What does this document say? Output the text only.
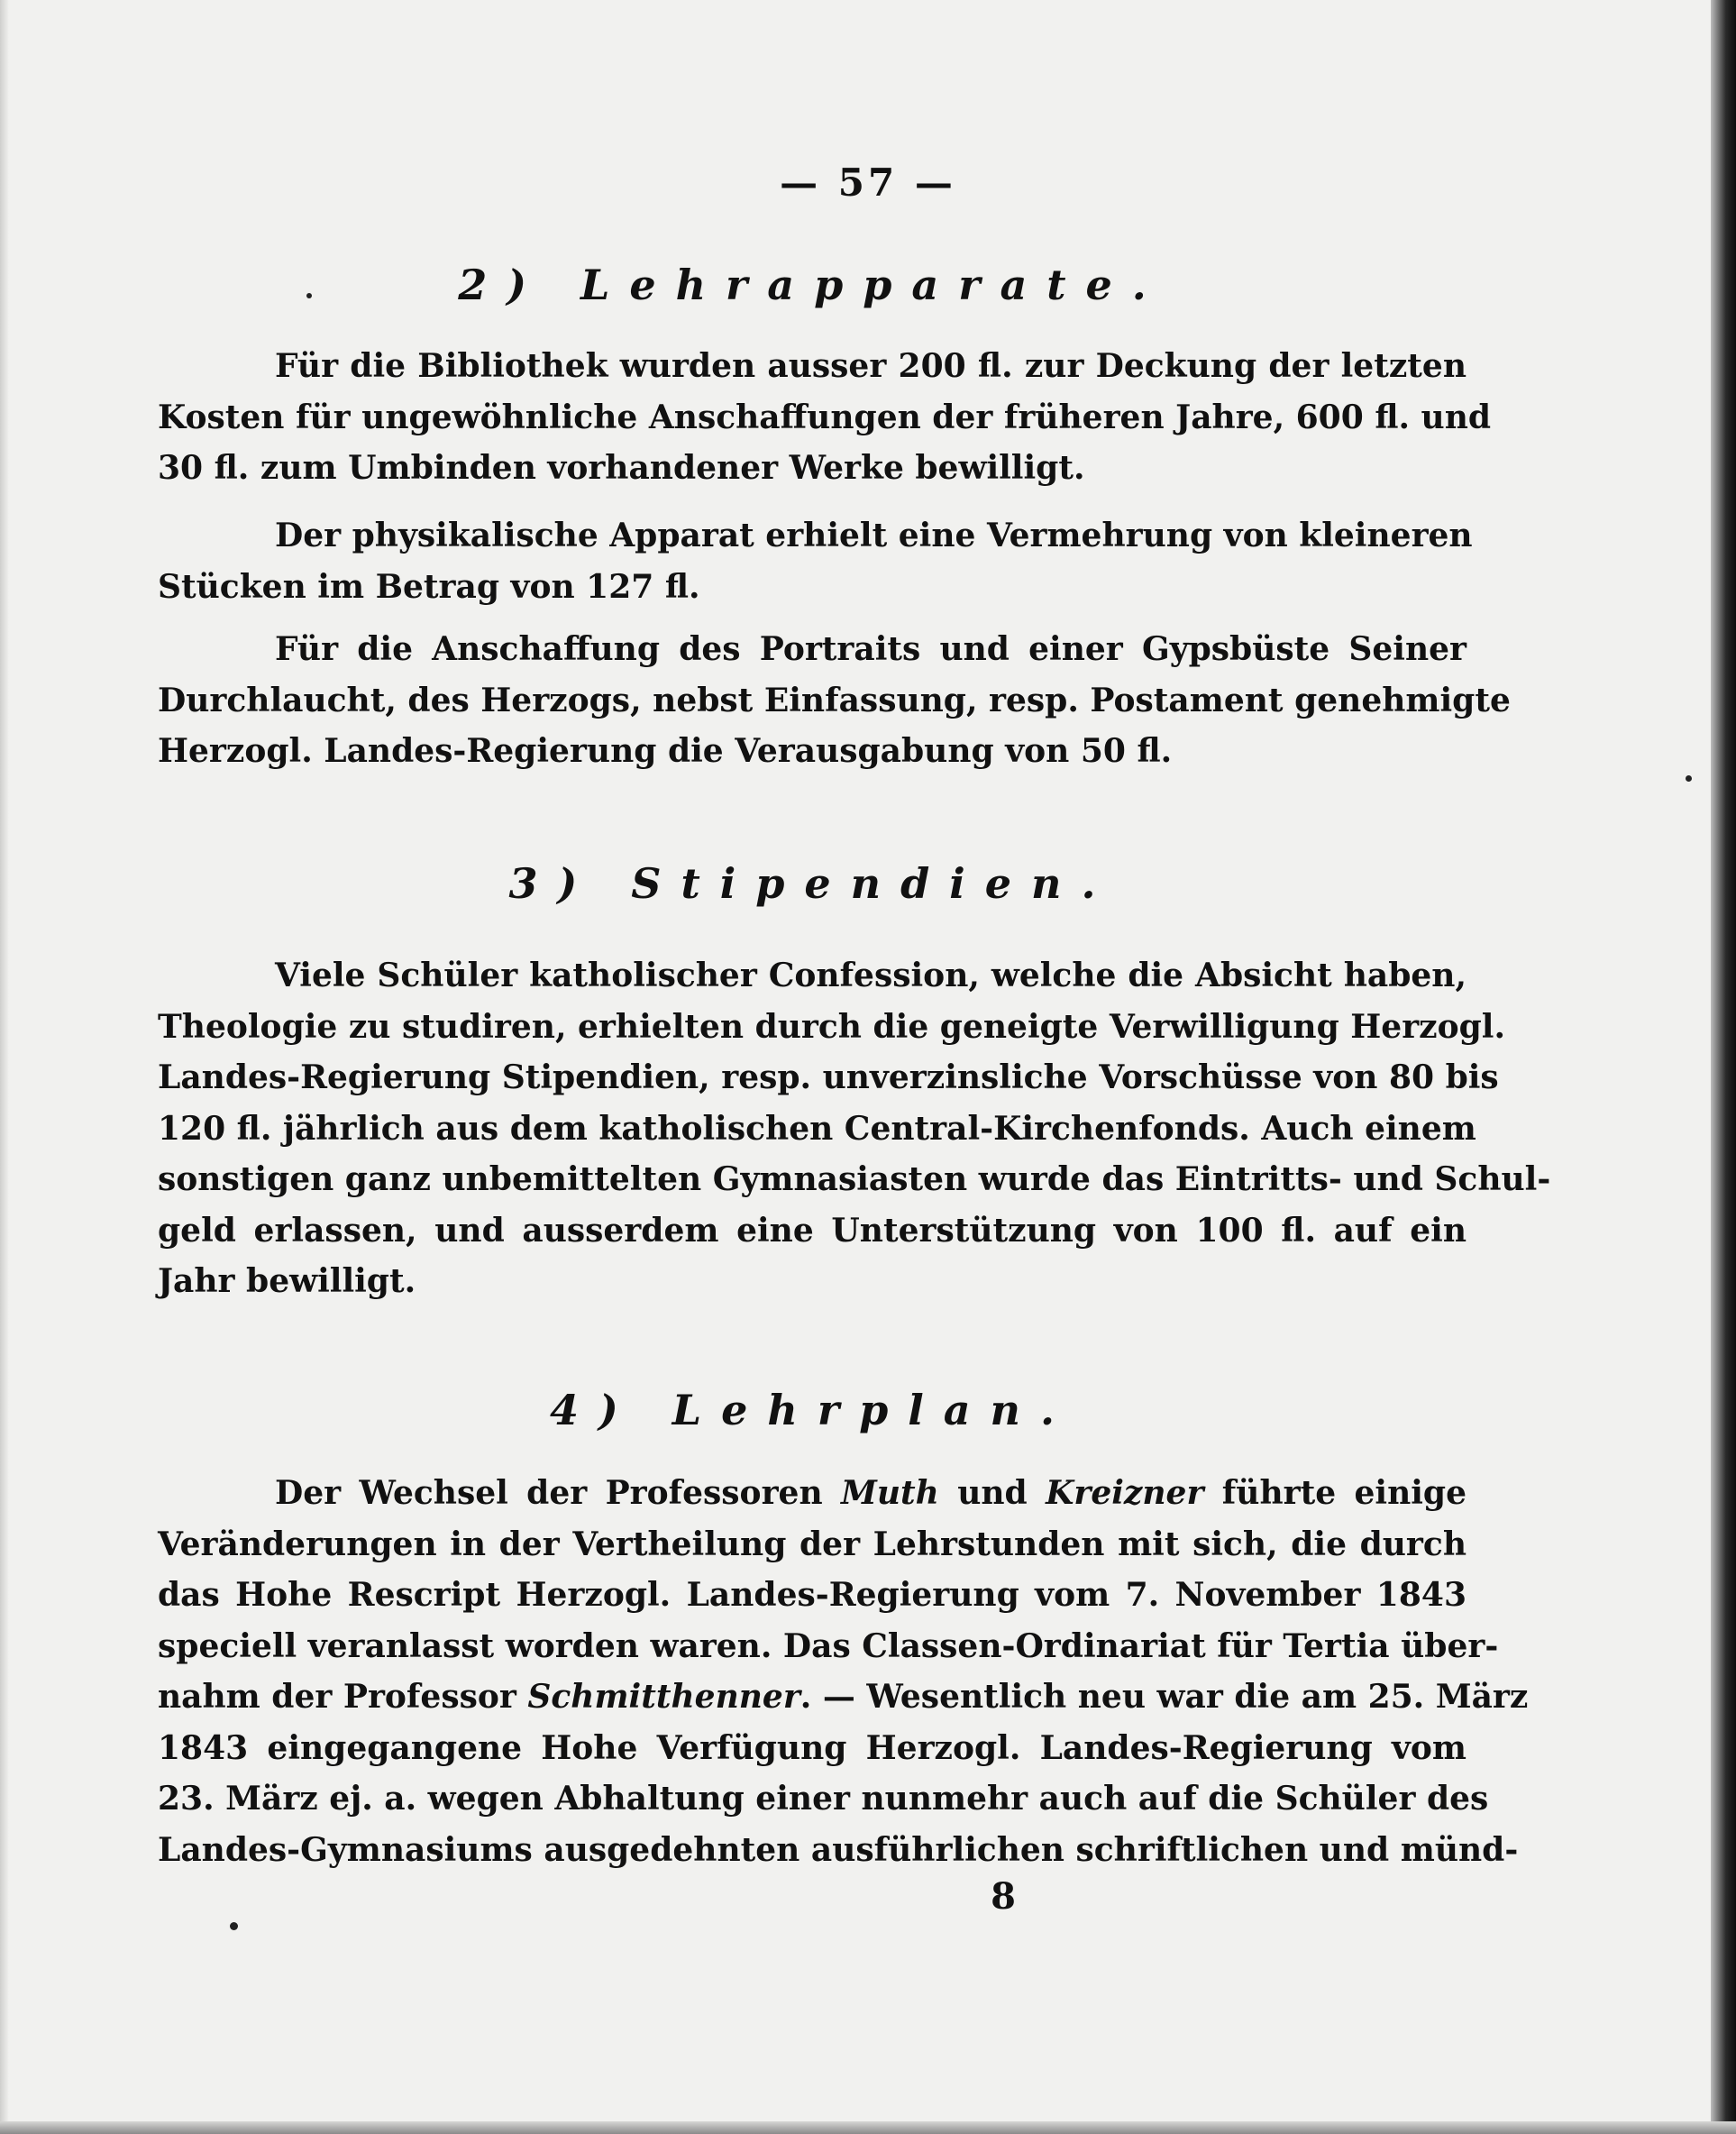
— 57 —
2) Lehrapparate.
Für die Bibliothek wurden ausser 200 fl. zur Deckung der letzten
Kosten für ungewöhnliche Anschaffungen der früheren Jahre, 600 fl. und
30 fl. zum Umbinden vorhandener Werke bewilligt.
Der physikalische Apparat erhielt eine Vermehrung von kleineren
Stücken im Betrag von 127 fl.
Für die Anschaffung des Portraits und einer Gypsbüste Seiner
Durchlaucht, des Herzogs, nebst Einfassung, resp. Postament genehmigte
Herzogl. Landes-Regierung die Verausgabung von 50 fl.
3) Stipendien.
Viele Schüler katholischer Confession, welche die Absicht haben,
Theologie zu studiren, erhielten durch die geneigte Verwilligung Herzogl.
Landes-Regierung Stipendien, resp. unverzinsliche Vorschüsse von 80 bis
120 fl. jährlich aus dem katholischen Central-Kirchenfonds. Auch einem
sonstigen ganz unbemittelten Gymnasiasten wurde das Eintritts- und Schul-
geld erlassen, und ausserdem eine Unterstützung von 100 fl. auf ein
Jahr bewilligt.
4) Lehrplan.
Der Wechsel der Professoren Muth und Kreizner führte einige
Veränderungen in der Vertheilung der Lehrstunden mit sich, die durch
das Hohe Rescript Herzogl. Landes-Regierung vom 7. November 1843
speciell veranlasst worden waren. Das Classen-Ordinariat für Tertia über-
nahm der Professor Schmitthenner. — Wesentlich neu war die am 25. März
1843 eingegangene Hohe Verfügung Herzogl. Landes-Regierung vom
23. März ej. a. wegen Abhaltung einer nunmehr auch auf die Schüler des
Landes-Gymnasiums ausgedehnten ausführlichen schriftlichen und münd-
8
